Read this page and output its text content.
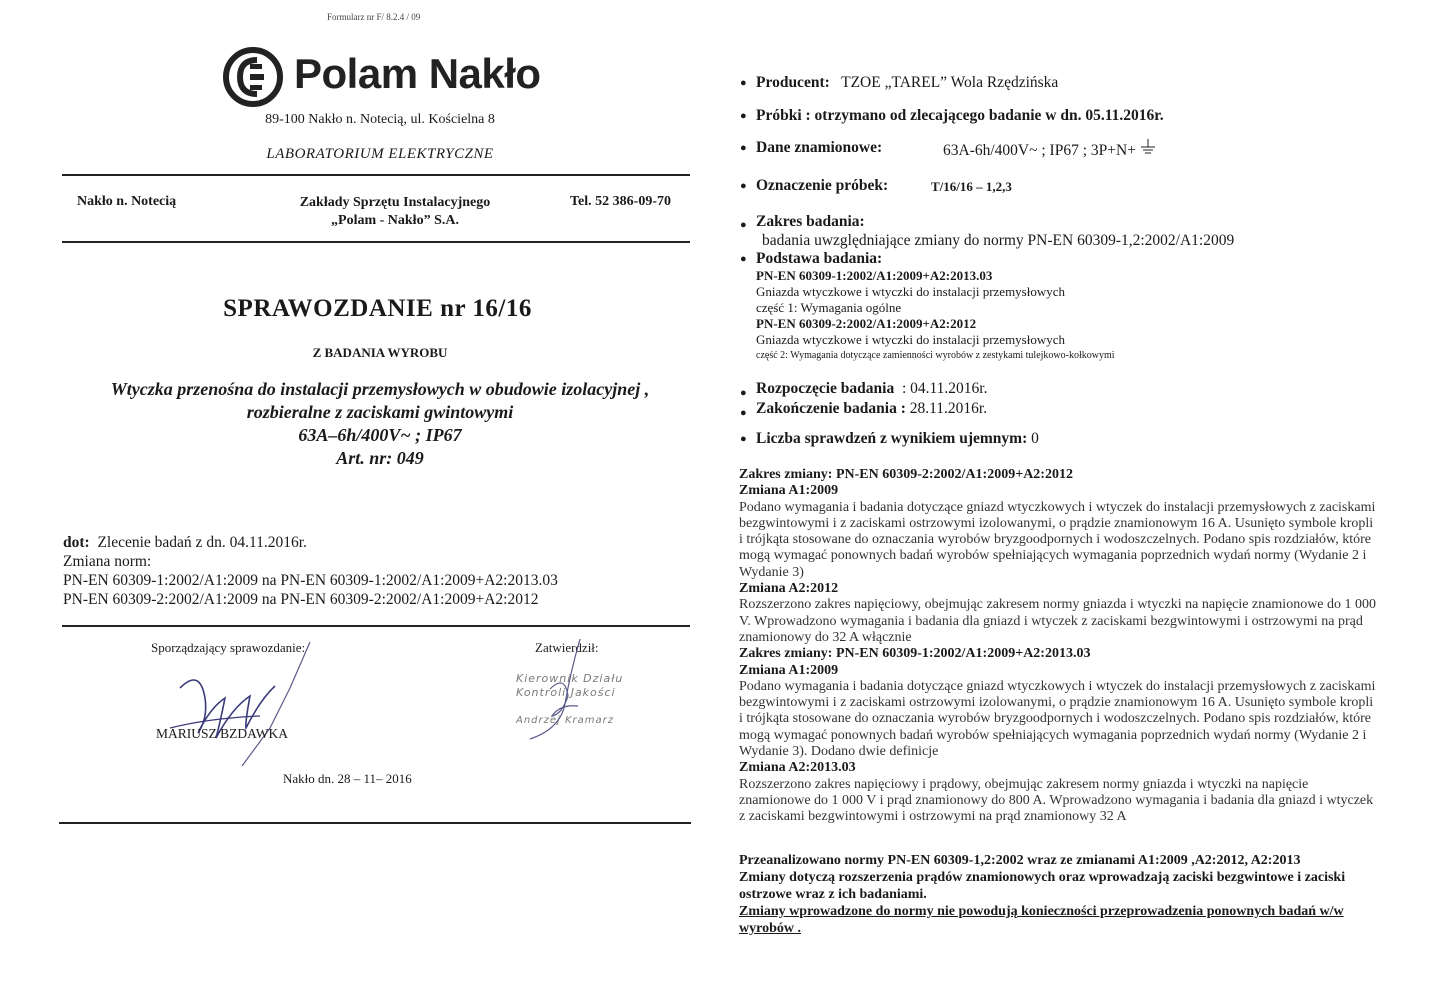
Formularz nr F/ 8.2.4 / 09
Polam Nakło
89-100 Nakło n. Notecią, ul. Kościelna 8
LABORATORIUM ELEKTRYCZNE
Nakło n. Notecią	Zakłady Sprzętu Instalacyjnego
„Polam - Nakło” S.A.
Tel. 52 386-09-70
SPRAWOZDANIE nr 16/16
Z BADANIA WYROBU
Wtyczka przenośna do instalacji przemysłowych w obudowie izolacyjnej ,
rozbieralne z zaciskami gwintowymi
63A–6h/400V~ ; IP67
Art. nr: 049
dot: Zlecenie badań z dn. 04.11.2016r.
Zmiana norm:
PN-EN 60309-1:2002/A1:2009 na PN-EN 60309-1:2002/A1:2009+A2:2013.03
PN-EN 60309-2:2002/A1:2009 na PN-EN 60309-2:2002/A1:2009+A2:2012
Sporządzający sprawozdanie:
MARIUSZ BZDAWKA
Zatwierdził:
Kierownik Działu
Kontroli Jakości
Andrzej Kramarz
Nakło dn. 28 – 11– 2016
Producent: TZOE „TAREL” Wola Rzędzińska
Próbki : otrzymano od zlecającego badanie w dn. 05.11.2016r.
Dane znamionowe:	63A-6h/400V~ ; IP67 ; 3P+N+
Oznaczenie próbek:	T/16/16 – 1,2,3
Zakres badania:
badania uwzględniające zmiany do normy PN-EN 60309-1,2:2002/A1:2009
Podstawa badania:
PN-EN 60309-1:2002/A1:2009+A2:2013.03
Gniazda wtyczkowe i wtyczki do instalacji przemysłowych
część 1: Wymagania ogólne
PN-EN 60309-2:2002/A1:2009+A2:2012
Gniazda wtyczkowe i wtyczki do instalacji przemysłowych
część 2: Wymagania dotyczące zamienności wyrobów z zestykami tulejkowo-kołkowymi
Rozpoczęcie badania : 04.11.2016r.
Zakończenie badania : 28.11.2016r.
Liczba sprawdzeń z wynikiem ujemnym: 0
Zakres zmiany: PN-EN 60309-2:2002/A1:2009+A2:2012
Zmiana A1:2009
Podano wymagania i badania dotyczące gniazd wtyczkowych i wtyczek do instalacji przemysłowych z zaciskami
bezgwintowymi i z zaciskami ostrzowymi izolowanymi, o prądzie znamionowym 16 A. Usunięto symbole kropli
i trójkąta stosowane do oznaczania wyrobów bryzgoodpornych i wodoszczelnych. Podano spis rozdziałów, które
mogą wymagać ponownych badań wyrobów spełniających wymagania poprzednich wydań normy (Wydanie 2 i
Wydanie 3)
Zmiana A2:2012
Rozszerzono zakres napięciowy, obejmując zakresem normy gniazda i wtyczki na napięcie znamionowe do 1 000
V. Wprowadzono wymagania i badania dla gniazd i wtyczek z zaciskami bezgwintowymi i ostrzowymi na prąd
znamionowy do 32 A włącznie
Zakres zmiany: PN-EN 60309-1:2002/A1:2009+A2:2013.03
Zmiana A1:2009
Podano wymagania i badania dotyczące gniazd wtyczkowych i wtyczek do instalacji przemysłowych z zaciskami
bezgwintowymi i z zaciskami ostrzowymi izolowanymi, o prądzie znamionowym 16 A. Usunięto symbole kropli
i trójkąta stosowane do oznaczania wyrobów bryzgoodpornych i wodoszczelnych. Podano spis rozdziałów, które
mogą wymagać ponownych badań wyrobów spełniających wymagania poprzednich wydań normy (Wydanie 2 i
Wydanie 3). Dodano dwie definicje
Zmiana A2:2013.03
Rozszerzono zakres napięciowy i prądowy, obejmując zakresem normy gniazda i wtyczki na napięcie
znamionowe do 1 000 V i prąd znamionowy do 800 A. Wprowadzono wymagania i badania dla gniazd i wtyczek
z zaciskami bezgwintowymi i ostrzowymi na prąd znamionowy 32 A
Przeanalizowano normy PN-EN 60309-1,2:2002 wraz ze zmianami A1:2009 ,A2:2012, A2:2013
Zmiany dotyczą rozszerzenia prądów znamionowych oraz wprowadzają zaciski bezgwintowe i zaciski
ostrzowe wraz z ich badaniami.
Zmiany wprowadzone do normy nie powodują konieczności przeprowadzenia ponownych badań w/w
wyrobów .
